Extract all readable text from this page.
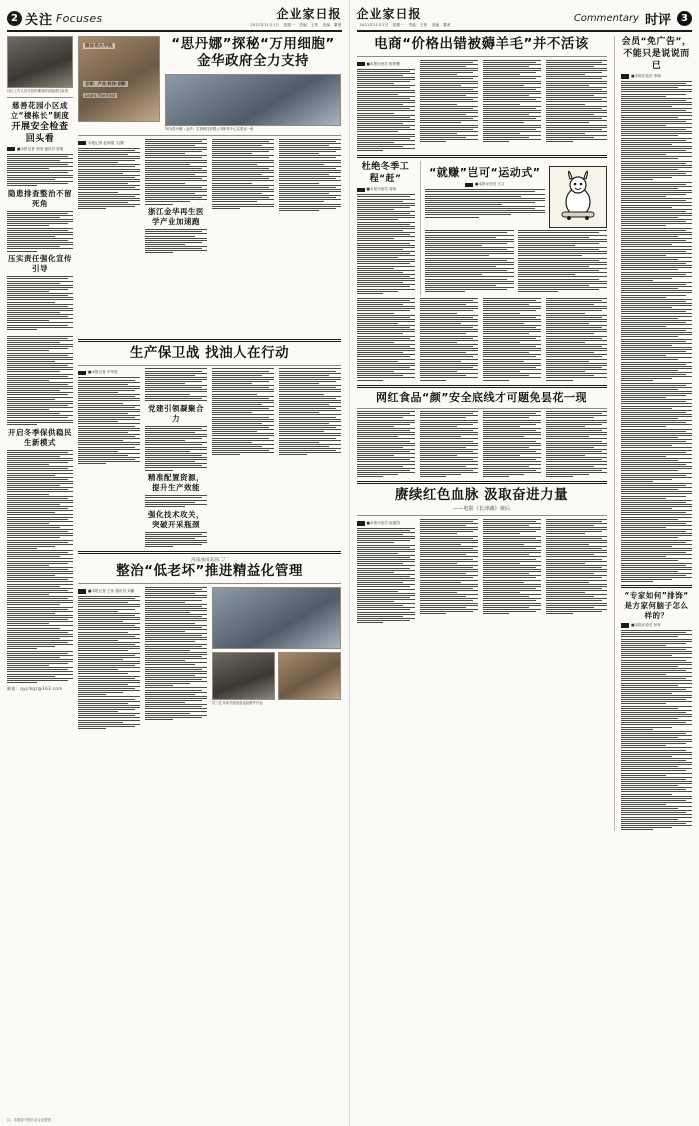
2 关注 Focuses	企业家日报
2021年11月1日 星期一 责编：王萍 美编：董茜
社区工作人员对居民楼消防设施进行检查
慈善花园小区成立“楼栋长”制度
开展安全检查
回头看
■本报记者 李国 通讯员 张明
隐患排查整治不留死角
压实责任强化宣传引导
跟丝坦太学院
全球：产业·科技·创新
Learn The First
“思丹娜”探秘“万用细胞”
金华政府全力支持
图为思丹娜（金华）生物科技有限公司研发中心实验室一角
本报记者 赵海霞 文/摄
浙江金华再生医学产业加速跑
开启冬季保供稳民生新模式
邮箱：qyjrbgz@163.com
生产保卫战 找油人在行动
■本报记者 中华营
党建引领凝聚合力
精准配置资源，提升生产效能
强化技术攻关，突破开采瓶颈
河南油田采油二厂
整治“低老坏”推进精益化管理
■本报记者 王伟 通讯员 刘鹏
员工在井场开展设备巡检维护作业
注：本版部分图片由企业提供
企业家日报
2021年11月1日 星期一 责编：王萍 美编：董茜
Commentary 时评	3
电商“价格出错被薅羊毛”并不活该
■本报评论员 张铁鹰
杜绝冬季工程“赶”
■本报评论员 周荣
“就赚”岂可“运动式”
■本报评论员 王文
网红食品“颜”安全底线才可题免昙花一现
赓续红色血脉 汲取奋进力量
——电影《长津湖》观后
■本报评论员 赵建国
会员“免广告”，
不能只是说说而已
■本报评论员 李明
“专家如何”排饰“
是方家何脑子怎么样的？
■本报评论员 孙军
